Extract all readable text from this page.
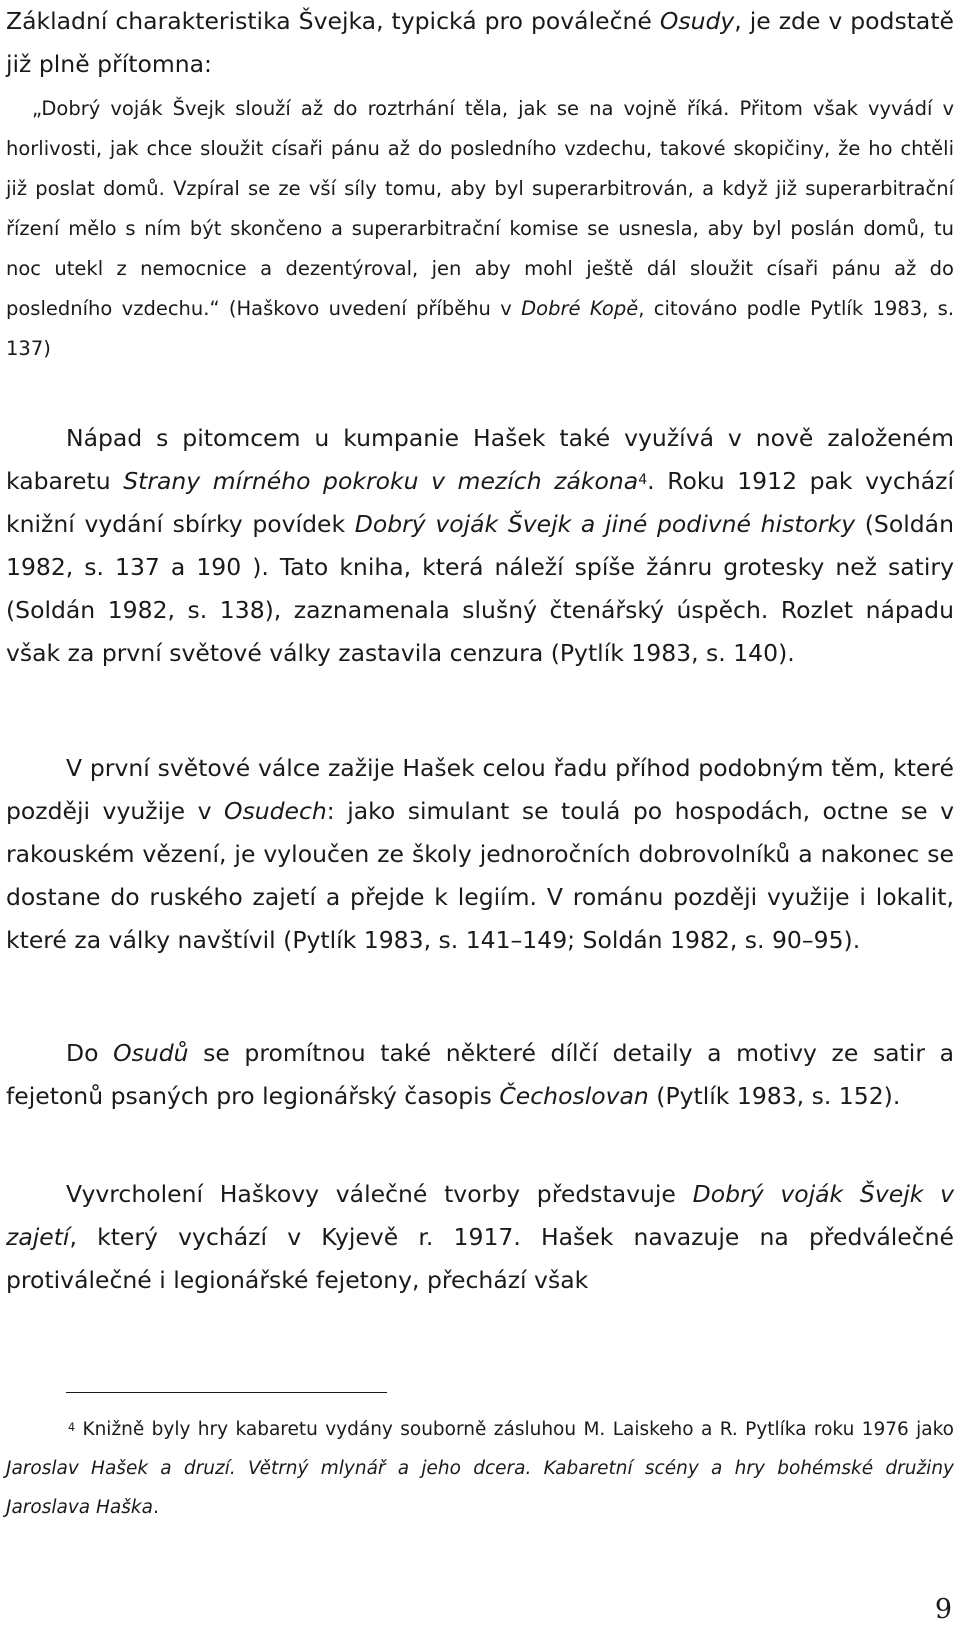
Základní charakteristika Švejka, typická pro poválečné Osudy, je zde v podstatě již plně přítomna:

„Dobrý voják Švejk slouží až do roztrhání těla, jak se na vojně říká. Přitom však vyvádí v horlivosti, jak chce sloužit císaři pánu až do posledního vzdechu, takové skopičiny, že ho chtěli již poslat domů. Vzpíral se ze vší síly tomu, aby byl superarbitrován, a když již superarbitrační řízení mělo s ním být skončeno a superarbitrační komise se usnesla, aby byl poslán domů, tu noc utekl z nemocnice a dezentýroval, jen aby mohl ještě dál sloužit císaři pánu až do posledního vzdechu.“ (Haškovo uvedení příběhu v Dobré Kopě, citováno podle Pytlík 1983, s. 137)

Nápad s pitomcem u kumpanie Hašek také využívá v nově založeném kabaretu Strany mírného pokroku v mezích zákona$^4$. Roku 1912 pak vychází knižní vydání sbírky povídek Dobrý voják Švejk a jiné podivné historky (Soldán 1982, s. 137 a 190 ). Tato kniha, která náleží spíše žánru grotesky než satiry (Soldán 1982, s. 138), zaznamenala slušný čtenářský úspěch. Rozlet nápadu však za první světové války zastavila cenzura (Pytlík 1983, s. 140).

V první světové válce zažije Hašek celou řadu příhod podobným těm, které později využije v Osudech: jako simulant se toulá po hospodách, octne se v rakouském vězení, je vyloučen ze školy jednoročních dobrovolníků a nakonec se dostane do ruského zajetí a přejde k legiím. V románu později využije i lokalit, které za války navštívil (Pytlík 1983, s. 141–149; Soldán 1982, s. 90–95).

Do Osudů se promítnou také některé dílčí detaily a motivy ze satir a fejetonů psaných pro legionářský časopis Čechoslovan (Pytlík 1983, s. 152).

Vyvrcholení Haškovy válečné tvorby představuje Dobrý voják Švejk v zajetí, který vychází v Kyjevě r. 1917. Hašek navazuje na předválečné protiválečné i legionářské fejetony, přechází však

$^4$ Knižně byly hry kabaretu vydány souborně zásluhou M. Laiskeho a R. Pytlíka roku 1976 jako Jaroslav Hašek a druzí. Větrný mlynář a jeho dcera. Kabaretní scény a hry bohémské družiny Jaroslava Haška.

9
